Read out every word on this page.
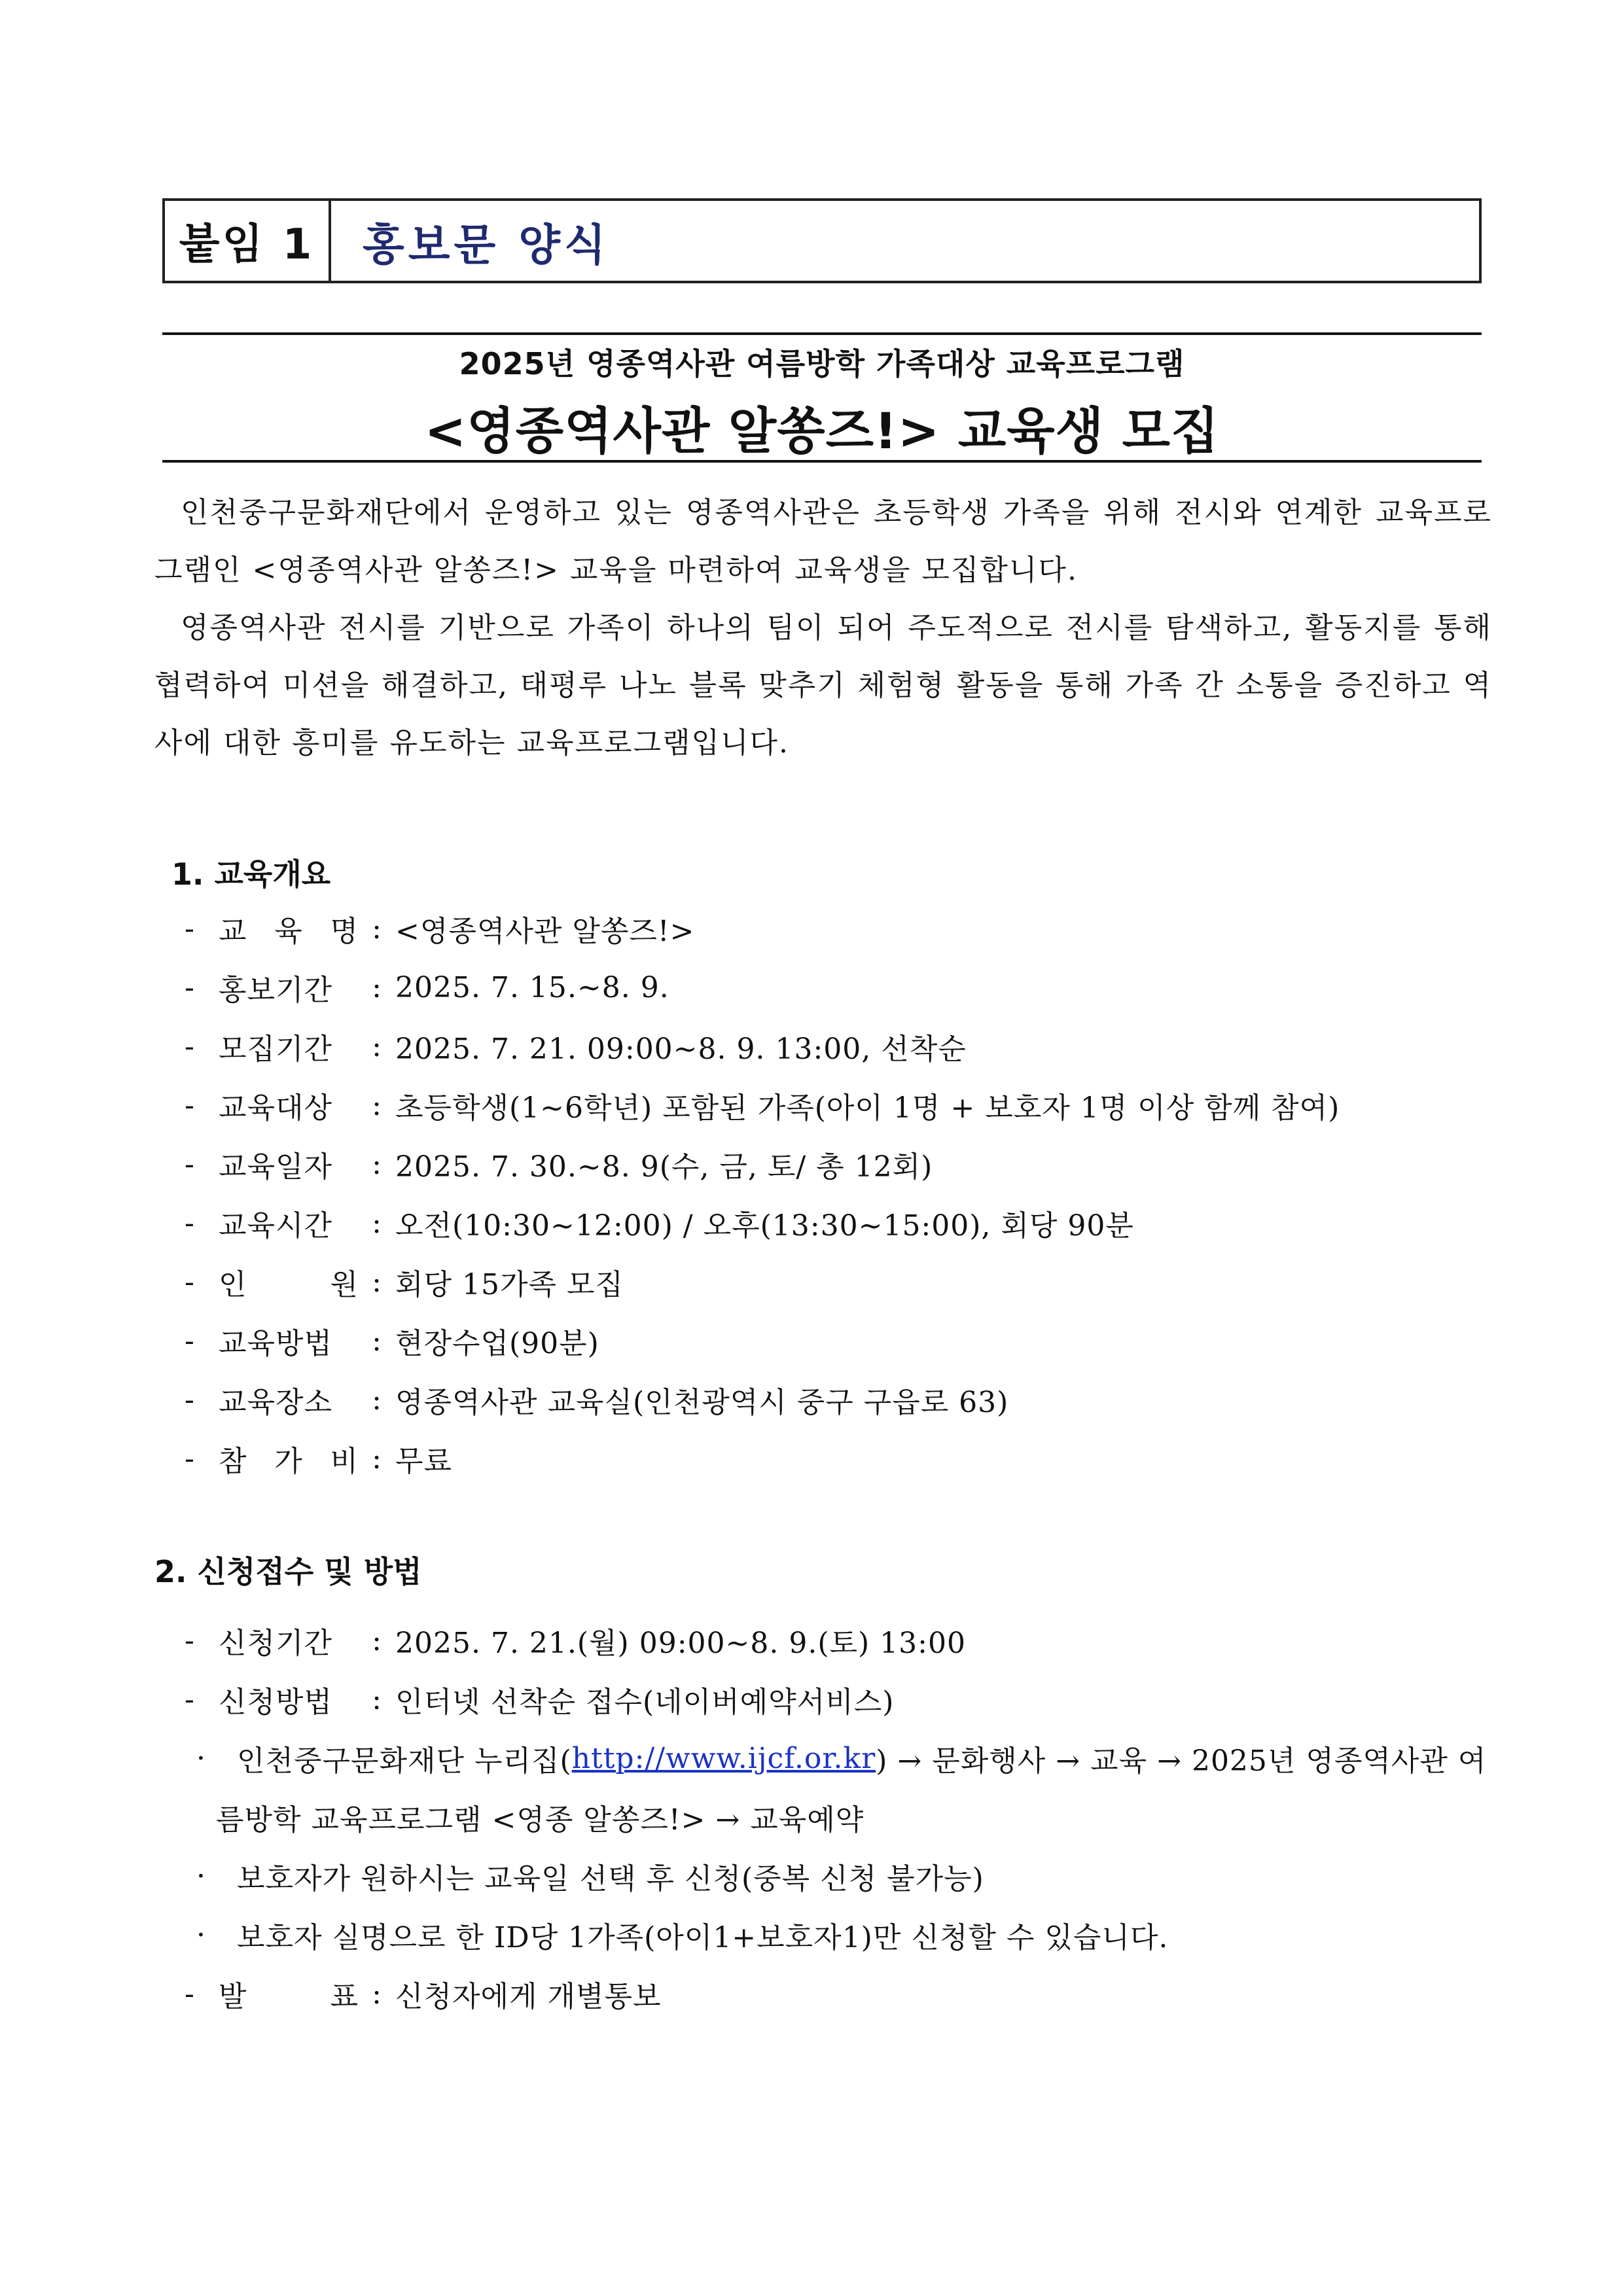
붙임 1	홍보문 양식
2025년 영종역사관 여름방학 가족대상 교육프로그램
<영종역사관 알쏭즈!> 교육생 모집

인천중구문화재단에서 운영하고 있는 영종역사관은 초등학생 가족을 위해 전시와 연계한 교육프로그램인 <영종역사관 알쏭즈!> 교육을 마련하여 교육생을 모집합니다.

영종역사관 전시를 기반으로 가족이 하나의 팀이 되어 주도적으로 전시를 탐색하고, 활동지를 통해 협력하여 미션을 해결하고, 태평루 나노 블록 맞추기 체험형 활동을 통해 가족 간 소통을 증진하고 역사에 대한 흥미를 유도하는 교육프로그램입니다.

1. 교육개요
- 교 육 명 : <영종역사관 알쏭즈!>
- 홍보기간	: 2025. 7. 15.~8. 9.
- 모집기간	: 2025. 7. 21. 09:00~8. 9. 13:00, 선착순
- 교육대상	: 초등학생(1~6학년) 포함된 가족(아이 1명 + 보호자 1명 이상 함께 참여)
- 교육일자	: 2025. 7. 30.~8. 9(수, 금, 토/ 총 12회)
- 교육시간	: 오전(10:30~12:00) / 오후(13:30~15:00), 회당 90분
- 인 원 : 회당 15가족 모집
- 교육방법	: 현장수업(90분)
- 교육장소	: 영종역사관 교육실(인천광역시 중구 구읍로 63)
- 참 가 비 : 무료
2. 신청접수 및 방법
- 신청기간	: 2025. 7. 21.(월) 09:00~8. 9.(토) 13:00
- 신청방법	: 인터넷 선착순 접수(네이버예약서비스)
·	인천중구문화재단 누리집( http://www.ijcf.or.kr ) → 문화행사 → 교육 → 2025년 영종역사관 여
름방학 교육프로그램 <영종 알쏭즈!> → 교육예약
·	보호자가 원하시는 교육일 선택 후 신청(중복 신청 불가능)
·	보호자 실명으로 한 ID당 1가족(아이1+보호자1)만 신청할 수 있습니다.
- 발 표 : 신청자에게 개별통보
